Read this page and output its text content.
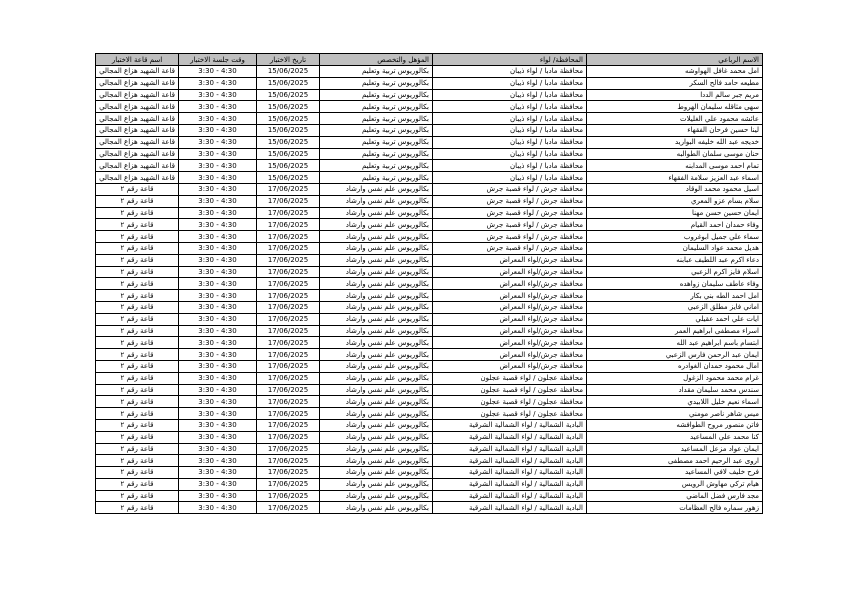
الاسم الرباعي	المحافظة/ لواء	المؤهل والتخصص	تاريخ الاختبار	وقت جلسة الاختبار	اسم قاعة الاختبار
امل محمد غافل الهواوشه	محافظة مادبا / لواء ذيبان	بكالوريوس تربية وتعليم	15/06/2025	3:30 - 4:30	قاعة الشهيد هزاع المجالي
مطيعه حامد فالح السكر	محافظة مادبا / لواء ذيبان	بكالوريوس تربية وتعليم	15/06/2025	3:30 - 4:30	قاعة الشهيد هزاع المجالي
مريم جبر سالم الددا	محافظة مادبا / لواء ذيبان	بكالوريوس تربية وتعليم	15/06/2025	3:30 - 4:30	قاعة الشهيد هزاع المجالي
سهى مثاقله سليمان الهروط	محافظة مادبا / لواء ذيبان	بكالوريوس تربية وتعليم	15/06/2025	3:30 - 4:30	قاعة الشهيد هزاع المجالي
عائشه محمود علي الغليلات	محافظة مادبا / لواء ذيبان	بكالوريوس تربية وتعليم	15/06/2025	3:30 - 4:30	قاعة الشهيد هزاع المجالي
لينا حسين فرحان الفقهاء	محافظة مادبا / لواء ذيبان	بكالوريوس تربية وتعليم	15/06/2025	3:30 - 4:30	قاعة الشهيد هزاع المجالي
خديجه عبد الله خليفه البواريد	محافظة مادبا / لواء ذيبان	بكالوريوس تربية وتعليم	15/06/2025	3:30 - 4:30	قاعة الشهيد هزاع المجالي
حنان موسى سلمان الطوالبه	محافظة مادبا / لواء ذيبان	بكالوريوس تربية وتعليم	15/06/2025	3:30 - 4:30	قاعة الشهيد هزاع المجالي
تمام احمد موسى المدابنه	محافظة مادبا / لواء ذيبان	بكالوريوس تربية وتعليم	15/06/2025	3:30 - 4:30	قاعة الشهيد هزاع المجالي
اسماء عبد العزيز سلامة الفقهاء	محافظة مادبا / لواء ذيبان	بكالوريوس تربية وتعليم	15/06/2025	3:30 - 4:30	قاعة الشهيد هزاع المجالي
اسيل محمود محمد الوقاد	محافظة جرش / لواء قصبة جرش	بكالوريوس علم نفس وارشاد	17/06/2025	3:30 - 4:30	قاعة رقم ٢
سلام بسام عزو المعري	محافظة جرش / لواء قصبة جرش	بكالوريوس علم نفس وارشاد	17/06/2025	3:30 - 4:30	قاعة رقم ٢
ايمان حسين حسن مهنا	محافظة جرش / لواء قصبة جرش	بكالوريوس علم نفس وارشاد	17/06/2025	3:30 - 4:30	قاعة رقم ٢
وفاء حمدان احمد القيام	محافظة جرش / لواء قصبة جرش	بكالوريوس علم نفس وارشاد	17/06/2025	3:30 - 4:30	قاعة رقم ٢
سماء علي جميل ابوغروب	محافظة جرش / لواء قصبة جرش	بكالوريوس علم نفس وارشاد	17/06/2025	3:30 - 4:30	قاعة رقم ٢
هديل محمد عواد السليمان	محافظة جرش / لواء قصبة جرش	بكالوريوس علم نفس وارشاد	17/06/2025	3:30 - 4:30	قاعة رقم ٢
دعاء اكرم عبد اللطيف عبابنه	محافظة جرش/لواء المعراض	بكالوريوس علم نفس وارشاد	17/06/2025	3:30 - 4:30	قاعة رقم ٢
اسلام فايز اكرم الزعبي	محافظة جرش/لواء المعراض	بكالوريوس علم نفس وارشاد	17/06/2025	3:30 - 4:30	قاعة رقم ٢
وفاء عاطف سليمان زواهده	محافظة جرش/لواء المعراض	بكالوريوس علم نفس وارشاد	17/06/2025	3:30 - 4:30	قاعة رقم ٢
امل احمد الطه بني بكار	محافظة جرش/لواء المعراض	بكالوريوس علم نفس وارشاد	17/06/2025	3:30 - 4:30	قاعة رقم ٢
اماني فايز مطلق الزعبي	محافظة جرش/لواء المعراض	بكالوريوس علم نفس وارشاد	17/06/2025	3:30 - 4:30	قاعة رقم ٢
ايات علي احمد عقيلي	محافظة جرش/لواء المعراض	بكالوريوس علم نفس وارشاد	17/06/2025	3:30 - 4:30	قاعة رقم ٢
اسراء مصطفى ابراهيم العمر	محافظة جرش/لواء المعراض	بكالوريوس علم نفس وارشاد	17/06/2025	3:30 - 4:30	قاعة رقم ٢
ابتسام باسم ابراهيم عبد الله	محافظة جرش/لواء المعراض	بكالوريوس علم نفس وارشاد	17/06/2025	3:30 - 4:30	قاعة رقم ٢
ايمان عبد الرحمن فارس الزعبي	محافظة جرش/لواء المعراض	بكالوريوس علم نفس وارشاد	17/06/2025	3:30 - 4:30	قاعة رقم ٢
امال محمود حمدان الغوادره	محافظة جرش/لواء المعراض	بكالوريوس علم نفس وارشاد	17/06/2025	3:30 - 4:30	قاعة رقم ٢
غرام محمد محمود الزغول	محافظة عجلون / لواء قصبة عجلون	بكالوريوس علم نفس وارشاد	17/06/2025	3:30 - 4:30	قاعة رقم ٢
سندس محمد سليمان مقداد	محافظة عجلون / لواء قصبة عجلون	بكالوريوس علم نفس وارشاد	17/06/2025	3:30 - 4:30	قاعة رقم ٢
اسماء نعيم خليل اللابيدي	محافظة عجلون / لواء قصبة عجلون	بكالوريوس علم نفس وارشاد	17/06/2025	3:30 - 4:30	قاعة رقم ٢
ميس شاهر ناصر مومني	محافظة عجلون / لواء قصبة عجلون	بكالوريوس علم نفس وارشاد	17/06/2025	3:30 - 4:30	قاعة رقم ٢
فاتن منصور مروح الطوافشه	البادية الشمالية / لواء الشمالية الشرقية	بكالوريوس علم نفس وارشاد	17/06/2025	3:30 - 4:30	قاعة رقم ٢
كنا محمد علي المساعيد	البادية الشمالية / لواء الشمالية الشرقية	بكالوريوس علم نفس وارشاد	17/06/2025	3:30 - 4:30	قاعة رقم ٢
ايمان عواد مزعل المساعيد	البادية الشمالية / لواء الشمالية الشرقية	بكالوريوس علم نفس وارشاد	17/06/2025	3:30 - 4:30	قاعة رقم ٢
اروى عبد الرحيم احمد مصطفى	البادية الشمالية / لواء الشمالية الشرقية	بكالوريوس علم نفس وارشاد	17/06/2025	3:30 - 4:30	قاعة رقم ٢
فرح خليف لافي المساعيد	البادية الشمالية / لواء الشمالية الشرقية	بكالوريوس علم نفس وارشاد	17/06/2025	3:30 - 4:30	قاعة رقم ٢
هيام تركي مهاوش الرويس	البادية الشمالية / لواء الشمالية الشرقية	بكالوريوس علم نفس وارشاد	17/06/2025	3:30 - 4:30	قاعة رقم ٢
مجد فارس فضل الماضي	البادية الشمالية / لواء الشمالية الشرقية	بكالوريوس علم نفس وارشاد	17/06/2025	3:30 - 4:30	قاعة رقم ٢
زهور سماره فالح العظامات	البادية الشمالية / لواء الشمالية الشرقية	بكالوريوس علم نفس وارشاد	17/06/2025	3:30 - 4:30	قاعة رقم ٢
